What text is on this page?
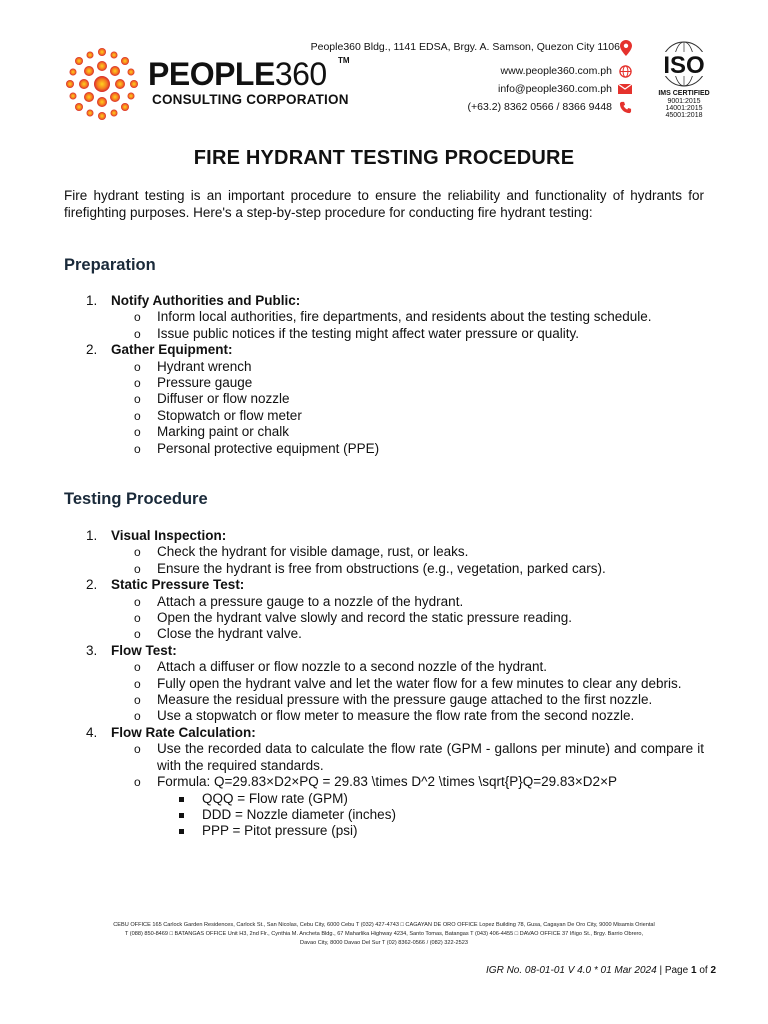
PEOPLE360 TM
CONSULTING CORPORATION
People360 Bldg., 1141 EDSA, Brgy. A. Samson, Quezon City 1106
www.people360.com.ph
info@people360.com.ph
(+63.2) 8362 0566 / 8366 9448
ISO
IMS CERTIFIED
9001:2015
14001:2015
45001:2018
FIRE HYDRANT TESTING PROCEDURE
Fire hydrant testing is an important procedure to ensure the reliability and functionality of hydrants for firefighting purposes. Here's a step-by-step procedure for conducting fire hydrant testing:
Preparation
1. Notify Authorities and Public:
o Inform local authorities, fire departments, and residents about the testing schedule.
o Issue public notices if the testing might affect water pressure or quality.
2. Gather Equipment:
o Hydrant wrench
o Pressure gauge
o Diffuser or flow nozzle
o Stopwatch or flow meter
o Marking paint or chalk
o Personal protective equipment (PPE)
Testing Procedure
1. Visual Inspection:
o Check the hydrant for visible damage, rust, or leaks.
o Ensure the hydrant is free from obstructions (e.g., vegetation, parked cars).
2. Static Pressure Test:
o Attach a pressure gauge to a nozzle of the hydrant.
o Open the hydrant valve slowly and record the static pressure reading.
o Close the hydrant valve.
3. Flow Test:
o Attach a diffuser or flow nozzle to a second nozzle of the hydrant.
o Fully open the hydrant valve and let the water flow for a few minutes to clear any debris.
o Measure the residual pressure with the pressure gauge attached to the first nozzle.
o Use a stopwatch or flow meter to measure the flow rate from the second nozzle.
4. Flow Rate Calculation:
o Use the recorded data to calculate the flow rate (GPM - gallons per minute) and compare it with the required standards.
o Formula: Q=29.83×D2×PQ = 29.83 \times D^2 \times \sqrt{P}Q=29.83×D2×P
QQQ = Flow rate (GPM)
DDD = Nozzle diameter (inches)
PPP = Pitot pressure (psi)
CEBU OFFICE 165 Carlock Garden Residences, Carlock St., San Nicolas, Cebu City, 6000 Cebu T (032) 427-4743 □ CAGAYAN DE ORO OFFICE Lopez Building 78, Gusa, Cagayan De Oro City, 9000 Misamis Oriental
T (088) 850-8469 □ BATANGAS OFFICE Unit H3, 2nd Flr., Cynthia M. Ancheta Bldg., 67 Maharlika Highway 4234, Santo Tomas, Batangas T (043) 406-4455 □ DAVAO OFFICE 37 Iñigo St., Brgy. Barrio Obrero,
Davao City, 8000 Davao Del Sur T (02) 8362-0566 / (082) 322-2523
IGR No. 08-01-01 V 4.0 * 01 Mar 2024 | Page 1 of 2
